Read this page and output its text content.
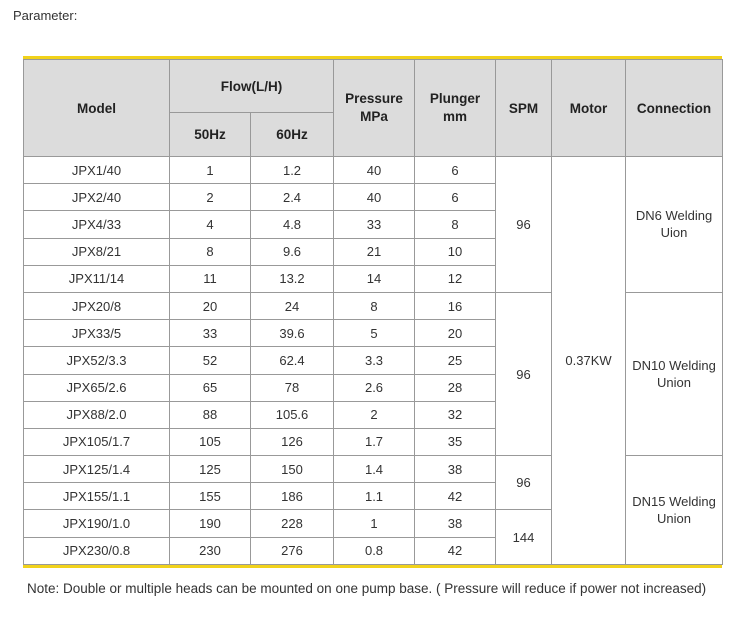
Parameter:
Model	Flow(L/H)		Pressure MPa	Plunger mm	SPM	Motor	Connection
	50Hz	60Hz					
JPX1/40	1	1.2	40	6	96	0.37KW	DN6 Welding Uion
JPX2/40	2	2.4	40	6			
JPX4/33	4	4.8	33	8			
JPX8/21	8	9.6	21	10			
JPX11/14	11	13.2	14	12			
JPX20/8	20	24	8	16	96		DN10 Welding Union
JPX33/5	33	39.6	5	20			
JPX52/3.3	52	62.4	3.3	25			
JPX65/2.6	65	78	2.6	28			
JPX88/2.0	88	105.6	2	32			
JPX105/1.7	105	126	1.7	35			
JPX125/1.4	125	150	1.4	38	96		DN15 Welding Union
JPX155/1.1	155	186	1.1	42			
JPX190/1.0	190	228	1	38	144		
JPX230/0.8	230	276	0.8	42			
Note: Double or multiple heads can be mounted on one pump base. ( Pressure will reduce if power not increased)
